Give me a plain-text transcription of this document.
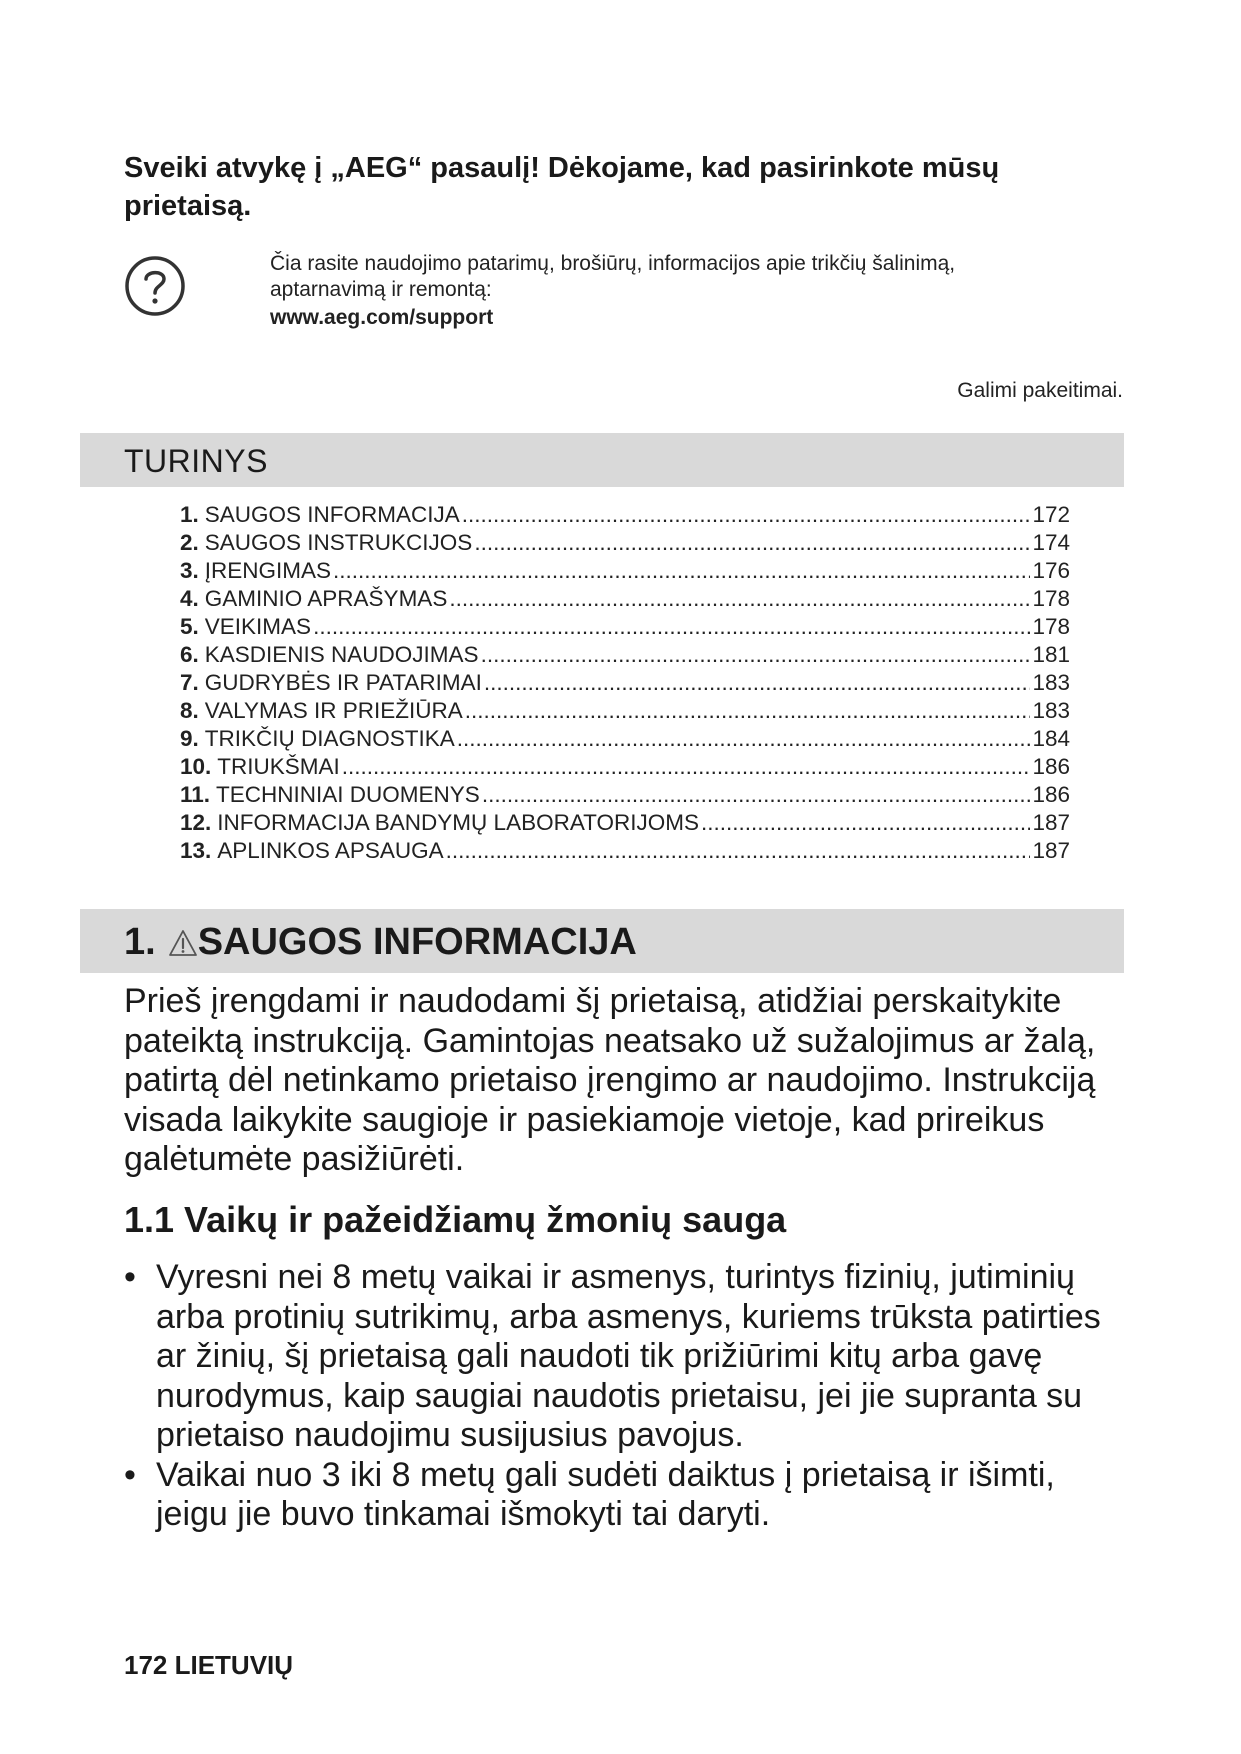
Sveiki atvykę į „AEG“ pasaulį! Dėkojame, kad pasirinkote mūsų prietaisą.
Čia rasite naudojimo patarimų, brošiūrų, informacijos apie trikčių šalinimą, aptarnavimą ir remontą:
www.aeg.com/support
Galimi pakeitimai.
TURINYS
1. SAUGOS INFORMACIJA .....	172
2. SAUGOS INSTRUKCIJOS .....	174
3. ĮRENGIMAS .....	176
4. GAMINIO APRAŠYMAS .....	178
5. VEIKIMAS .....	178
6. KASDIENIS NAUDOJIMAS .....	181
7. GUDRYBĖS IR PATARIMAI .....	183
8. VALYMAS IR PRIEŽIŪRA .....	183
9. TRIKČIŲ DIAGNOSTIKA .....	184
10. TRIUKŠMAI .....	186
11. TECHNINIAI DUOMENYS .....	186
12. INFORMACIJA BANDYMŲ LABORATORIJOMS .....	187
13. APLINKOS APSAUGA .....	187
1. SAUGOS INFORMACIJA

Prieš įrengdami ir naudodami šį prietaisą, atidžiai perskaitykite pateiktą instrukciją. Gamintojas neatsako už sužalojimus ar žalą, patirtą dėl netinkamo prietaiso įrengimo ar naudojimo. Instrukciją visada laikykite saugioje ir pasiekiamoje vietoje, kad prireikus galėtumėte pasižiūrėti.

1.1 Vaikų ir pažeidžiamų žmonių sauga
• Vyresni nei 8 metų vaikai ir asmenys, turintys fizinių, jutiminių arba protinių sutrikimų, arba asmenys, kuriems trūksta patirties ar žinių, šį prietaisą gali naudoti tik prižiūrimi kitų arba gavę nurodymus, kaip saugiai naudotis prietaisu, jei jie supranta su prietaiso naudojimu susijusius pavojus.
• Vaikai nuo 3 iki 8 metų gali sudėti daiktus į prietaisą ir išimti, jeigu jie buvo tinkamai išmokyti tai daryti.
172 LIETUVIŲ
